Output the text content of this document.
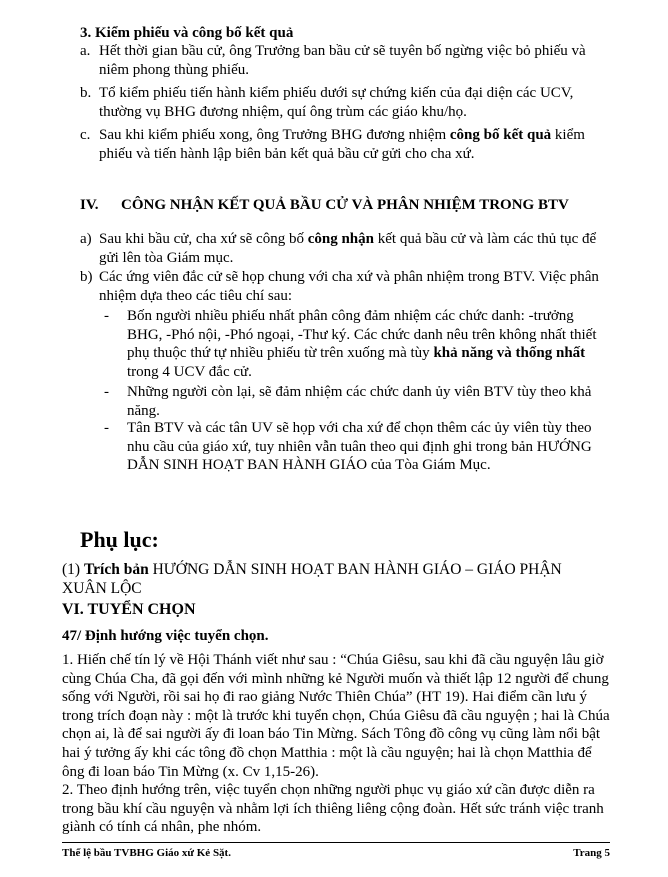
3. Kiểm phiếu và công bố kết quả
a. Hết thời gian bầu cử, ông Trưởng ban bầu cử sẽ tuyên bố ngừng việc bỏ phiếu và niêm phong thùng phiếu.
b. Tổ kiểm phiếu tiến hành kiểm phiếu dưới sự chứng kiến của đại diện các UCV, thường vụ BHG đương nhiệm, quí ông trùm các giáo khu/họ.
c. Sau khi kiểm phiếu xong, ông Trưởng BHG đương nhiệm công bố kết quả kiểm phiếu và tiến hành lập biên bản kết quả bầu cử gửi cho cha xứ.
IV.	CÔNG NHẬN KẾT QUẢ BẦU CỬ VÀ PHÂN NHIỆM TRONG BTV
a) Sau khi bầu cử, cha xứ sẽ công bố công nhận kết quả bầu cử và làm các thủ tục để gửi lên tòa Giám mục.
b) Các ứng viên đắc cử sẽ họp chung với cha xứ và phân nhiệm trong BTV. Việc phân nhiệm dựa theo các tiêu chí sau:
-	Bốn người nhiều phiếu nhất phân công đảm nhiệm các chức danh: -trưởng BHG, -Phó nội, -Phó ngoại, -Thư ký. Các chức danh nêu trên không nhất thiết phụ thuộc thứ tự nhiều phiếu từ trên xuống mà tùy khả năng và thống nhất trong 4 UCV đắc cử.
-	Những người còn lại, sẽ đảm nhiệm các chức danh ủy viên BTV tùy theo khả năng.
-	Tân BTV và các tân UV sẽ họp với cha xứ để chọn thêm các ủy viên tùy theo nhu cầu của giáo xứ, tuy nhiên vẫn tuân theo qui định ghi trong bản HƯỚNG DẪN SINH HOẠT BAN HÀNH GIÁO của Tòa Giám Mục.
Phụ lục:
(1) Trích bản HƯỚNG DẪN SINH HOẠT BAN HÀNH GIÁO – GIÁO PHẬN XUÂN LỘC
VI. TUYỂN CHỌN
47/ Định hướng việc tuyển chọn.
1. Hiến chế tín lý về Hội Thánh viết như sau : “Chúa Giêsu, sau khi đã cầu nguyện lâu giờ cùng Chúa Cha, đã gọi đến với mình những kẻ Người muốn và thiết lập 12 người để chung sống với Người, rồi sai họ đi rao giảng Nước Thiên Chúa” (HT 19). Hai điểm cần lưu ý trong trích đoạn này : một là trước khi tuyển chọn, Chúa Giêsu đã cầu nguyện ; hai là Chúa chọn ai, là để sai người ấy đi loan báo Tin Mừng. Sách Tông đồ công vụ cũng làm nổi bật hai ý tưởng ấy khi các tông đồ chọn Matthia : một là cầu nguyện; hai là chọn Matthia để ông đi loan báo Tin Mừng (x. Cv 1,15-26).
2. Theo định hướng trên, việc tuyển chọn những người phục vụ giáo xứ cần được diễn ra trong bầu khí cầu nguyện và nhằm lợi ích thiêng liêng cộng đoàn. Hết sức tránh việc tranh giành có tính cá nhân, phe nhóm.
Thể lệ bầu TVBHG Giáo xứ Kẻ Sặt.	Trang 5
